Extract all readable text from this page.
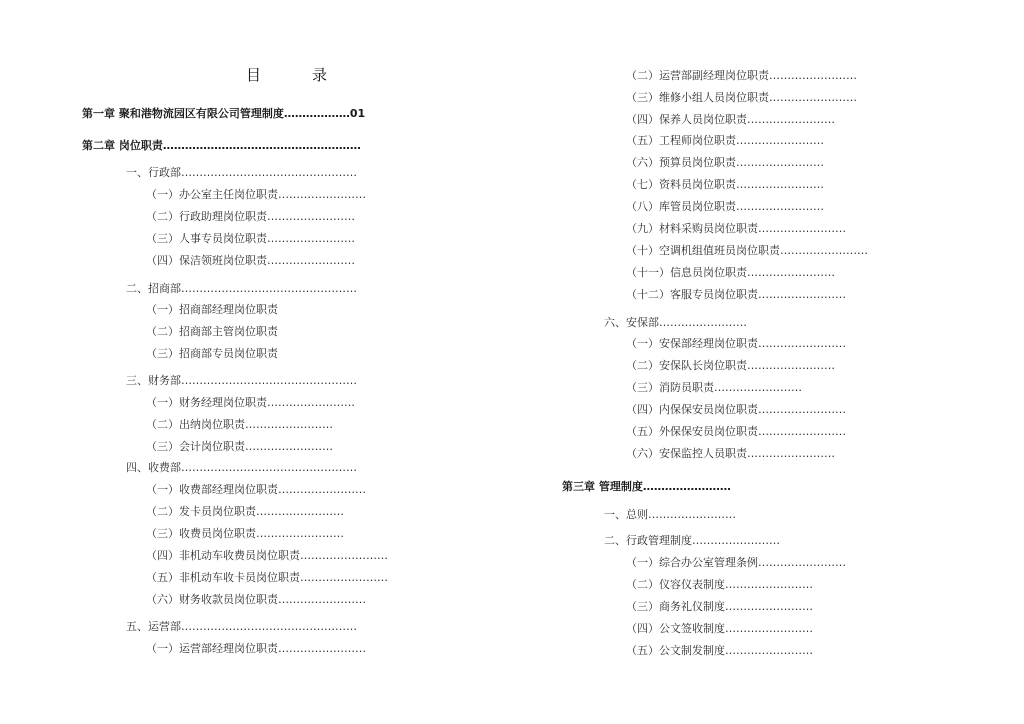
目　录
第一章 聚和港物流园区有限公司管理制度………………01
第二章 岗位职责………………………………………………
一、行政部…………………………………………
（一）办公室主任岗位职责……………………
（二）行政助理岗位职责……………………
（三）人事专员岗位职责……………………
（四）保洁领班岗位职责……………………
二、招商部…………………………………………
（一）招商部经理岗位职责
（二）招商部主管岗位职责
（三）招商部专员岗位职责
三、财务部…………………………………………
（一）财务经理岗位职责……………………
（二）出纳岗位职责……………………
（三）会计岗位职责……………………
四、收费部…………………………………………
（一）收费部经理岗位职责……………………
（二）发卡员岗位职责……………………
（三）收费员岗位职责……………………
（四）非机动车收费员岗位职责……………………
（五）非机动车收卡员岗位职责……………………
（六）财务收款员岗位职责……………………
五、运营部…………………………………………
（一）运营部经理岗位职责……………………
（二）运营部副经理岗位职责……………………
（三）维修小组人员岗位职责……………………
（四）保养人员岗位职责……………………
（五）工程师岗位职责……………………
（六）预算员岗位职责……………………
（七）资料员岗位职责……………………
（八）库管员岗位职责……………………
（九）材料采购员岗位职责……………………
（十）空调机组值班员岗位职责……………………
（十一）信息员岗位职责……………………
（十二）客服专员岗位职责……………………
六、安保部……………………
（一）安保部经理岗位职责……………………
（二）安保队长岗位职责……………………
（三）消防员职责……………………
（四）内保保安员岗位职责……………………
（五）外保保安员岗位职责……………………
（六）安保监控人员职责……………………
第三章 管理制度……………………
一、总则……………………
二、行政管理制度……………………
（一）综合办公室管理条例……………………
（二）仪容仪表制度……………………
（三）商务礼仪制度……………………
（四）公文签收制度……………………
（五）公文制发制度……………………
